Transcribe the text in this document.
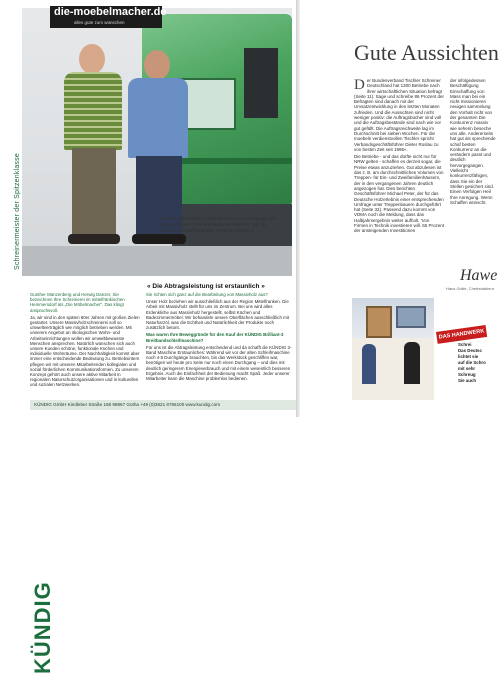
Schreinermeister der Spitzenklasse
die-moebelmacher.de
alles gute zum wünschen
Gunther Münzenberg, Chef Werkstatt und Fertigung, und Herwig Danzer, Chef Marketing und Vertrieb, vor der Bestbund-Schleifmaschine KÜNDIG Brilliant-3
« Die Abtragsleistung ist erstaunlich »

Gunther Münzenberg und Herwig Danzer, Sie bezeichnen Ihre Schreinerei im mittelfränkischen Hemmersdorf als „Die Möbelmacher". Das klingt anspruchsvoll.

Ja, wir sind in den späten 80er Jahren mit großen Zielen gestartet. Unsere Massivholzschreinerei soll so umweltverträglich wie möglich betrieben werden. Mit unserem Angebot an ökologischen Wohn- und Arbeitseinrichtungen wollen wir umweltbewusste Menschen ansprechen. Natürlich wünschen sich auch unsere Kunden schöne, funktionale Küchen und individuelle Wohnräume. Der Nachhaltigkeit kommt aber immer eine entscheidende Bedeutung zu. Betriebsintern pflegen wir mit unseren Mitarbeitenden kollegialen und sozial förderlichen Kommunikationsformen. Zu unserem Konzept gehört auch unsere aktive Mitarbeit in regionalen Naturschutzorganisationen und in kulturellen und sozialen Netzwerken.

Sie richten sich ganz auf die Bearbeitung von Massivholz aus?

Unser Holz beziehen wir ausschließlich aus der Region Mittelfranken. Die Arbeit mit Massivholz stellt für uns im Zentrum. Bei uns wird alles Erdenkliche aus Massivholz hergestellt, selbst Küchen und Badezimmermöbel. Wir behandeln unsere Oberflächen ausschließlich mit Naturharzöl, was die Echtheit und Natürlichkeit der Produkte noch zusätzlich betont.

Was waren Ihre Beweggründe für den Kauf der KÜNDIG Brilliant-3 Breitbandschleifmaschine?

Für uns ist die Abtragsleistung entscheidend und da schafft die KÜNDIG 3-Band Maschine Erstaunliches: Während wir vor der alten Schleifmaschine noch 4-5 Durchgänge brauchten, bis das Werkstück geschliffen war, benötigen wir heute pro Seite nur noch einen Durchgang – und dies mit deutlich geringerem Energieverbrauch und mit einem wesentlich besseren Ergebnis. Auch die Einfachheit der Bedienung macht Spaß. Jeder unserer Mitarbeiter kann die Maschine problemlos bedienen.

KÜNDIG
KÜNDIG GmbH Kindleber Straße 168 99867 Gotha +49 (0)3621 8766100 www.kundig.com
Gute Aussichten

Der Bundesverband Tischler Schreiner Deutschland hat 1300 Betriebe nach ihrer wirtschaftlichen Situation befragt (Seite 11). Sage und schreibe 86 Prozent der Befragten sind danach mit der Umsatzentwicklung in den letzten Monaten zufrieden. Und die Aussichten sind nicht weniger positiv: die Auftragsbücher sind voll und die Auftragsbestände sind nach wie vor gut gefüllt. Die Auftragsreichweite lag im Durchschnitt bei sieben Wochen. Für die moebeln verdienstvollen Tischler spricht Verbandsgeschäftsführer Dieter Roslau zu von bestim Zeit seit 1995«.

Die Betriebe - und das dürfte nicht nur für NRW gelten - schaffen es derzeit sogar, die Preise etwas anzuziehen. Gut abzulesen ist das z. B. am durchschnittlichen Volumen von Treppen- für Ein- und Zweifamilienhäusern, der in den vergangenen Jahren deutlich angezogen hat. Dies berichten Geschäftsführer Michael Peter, der für das Deutsche Holzerlebnis einer entsprechenden Umfrage unter Treppenbauern durchgeführt hat (Seite 32). Passend dazu kommt von VDMA noch die Meldung, dass das Halbjahrsergebnis weiter aufholt. 'Von Firmen in Technik investieren will. 65 Prozent der ansteigenden Investitionen

der infolgedessen Beschäftigung Einschaffung von Mass man bei ein nicht missionieren neuigen sammelung den Vorhalt nicht von der gesamten Die Konkurrenz massiv wie seherin beseche uns alle. Andererseits hat gut als sprechende schaf besten Konkurrenz an die verändern passt und deutlich hervorgegangen. Vielleicht konkurrenzfähigen, dass Sie ein der Stellen gesichert sind. Einen Verfolgen Heil Ihre Anregung. Wenn Schaffen wünscht.
Hawe
Hans Gräfe, Chefredakteur
DAS HANDWERK
Schrei
Das Deutsc
lichtet sie
auf die Schro
mit sehr
Schreug
Sie auch
